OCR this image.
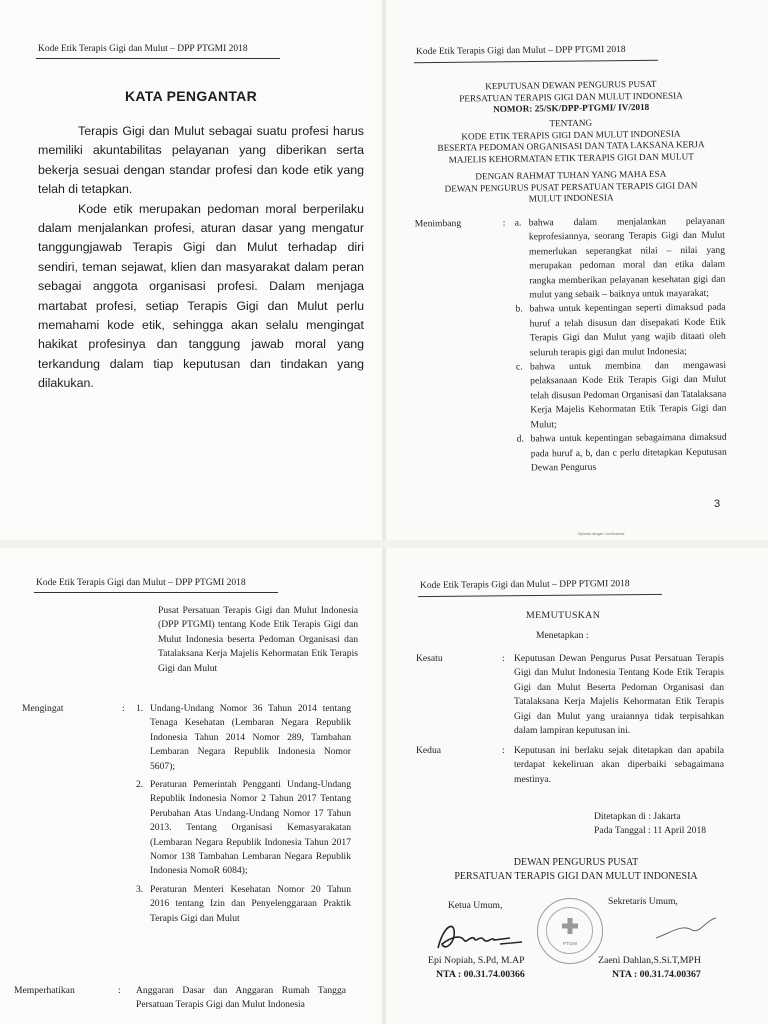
Kode Etik Terapis Gigi dan Mulut – DPP PTGMI 2018
KATA PENGANTAR

Terapis Gigi dan Mulut sebagai suatu profesi harus memiliki akuntabilitas pelayanan yang diberikan serta bekerja sesuai dengan standar profesi dan kode etik yang telah di tetapkan.

Kode etik merupakan pedoman moral berperilaku dalam menjalankan profesi, aturan dasar yang mengatur tanggungjawab Terapis Gigi dan Mulut terhadap diri sendiri, teman sejawat, klien dan masyarakat dalam peran sebagai anggota organisasi profesi. Dalam menjaga martabat profesi, setiap Terapis Gigi dan Mulut perlu memahami kode etik, sehingga akan selalu mengingat hakikat profesinya dan tanggung jawab moral yang terkandung dalam tiap keputusan dan tindakan yang dilakukan.

Kode Etik Terapis Gigi dan Mulut – DPP PTGMI 2018
KEPUTUSAN DEWAN PENGURUS PUSAT
PERSATUAN TERAPIS GIGI DAN MULUT INDONESIA
NOMOR: 25/SK/DPP-PTGMI/ IV/2018
TENTANG
KODE ETIK TERAPIS GIGI DAN MULUT INDONESIA
BESERTA PEDOMAN ORGANISASI DAN TATA LAKSANA KERJA
MAJELIS KEHORMATAN ETIK TERAPIS GIGI DAN MULUT
DENGAN RAHMAT TUHAN YANG MAHA ESA
DEWAN PENGURUS PUSAT PERSATUAN TERAPIS GIGI DAN
MULUT INDONESIA
Menimbang	: a. bahwa dalam menjalankan pelayanan keprofesiannya, seorang Terapis Gigi dan Mulut memerlukan seperangkat nilai – nilai yang merupakan pedoman moral dan etika dalam rangka memberikan pelayanan kesehatan gigi dan mulut yang sebaik – baiknya untuk mayarakat;
b. bahwa untuk kepentingan seperti dimaksud pada huruf a telah disusun dan disepakati Kode Etik Terapis Gigi dan Mulut yang wajib ditaati oleh seluruh terapis gigi dan mulut Indonesia;
c. bahwa untuk membina dan mengawasi pelaksanaan Kode Etik Terapis Gigi dan Mulut telah disusun Pedoman Organisasi dan Tatalaksana Kerja Majelis Kehormatan Etik Terapis Gigi dan Mulut;
d. bahwa untuk kepentingan sebagaimana dimaksud pada huruf a, b, dan c perlu ditetapkan Keputusan Dewan Pengurus
3
Dipindai dengan CamScanner
Kode Etik Terapis Gigi dan Mulut – DPP PTGMI 2018
Pusat Persatuan Terapis Gigi dan Mulut Indonesia (DPP PTGMI) tentang Kode Etik Terapis Gigi dan Mulut Indonesia beserta Pedoman Organisasi dan Tatalaksana Kerja Majelis Kehormatan Etik Terapis Gigi dan Mulut
Mengingat	: 1. Undang-Undang Nomor 36 Tahun 2014 tentang Tenaga Kesehatan (Lembaran Negara Republik Indonesia Tahun 2014 Nomor 289, Tambahan Lembaran Negara Republik Indonesia Nomor 5607);
2. Peraturan Pemerintah Pengganti Undang-Undang Republik Indonesia Nomor 2 Tahun 2017 Tentang Perubahan Atas Undang-Undang Nomor 17 Tahun 2013. Tentang Organisasi Kemasyarakatan (Lembaran Negara Republik Indonesia Tahun 2017 Nomor 138 Tambahan Lembaran Negara Republik Indonesia NomoR 6084);
3. Peraturan Menteri Kesehatan Nomor 20 Tahun 2016 tentang Izin dan Penyelenggaraan Praktik Terapis Gigi dan Mulut
Memperhatikan	: Anggaran Dasar dan Anggaran Rumah Tangga Persatuan Terapis Gigi dan Mulut Indonesia
Kode Etik Terapis Gigi dan Mulut – DPP PTGMI 2018
MEMUTUSKAN
Menetapkan :
Kesatu	: Keputusan Dewan Pengurus Pusat Persatuan Terapis Gigi dan Mulut Indonesia Tentang Kode Etik Terapis Gigi dan Mulut Beserta Pedoman Organisasi dan Tatalaksana Kerja Majelis Kehormatan Etik Terapis Gigi dan Mulut yang uraiannya tidak terpisahkan dalam lampiran keputusan ini.
Kedua	: Keputusan ini berlaku sejak ditetapkan dan apabila terdapat kekeliruan akan diperbaiki sebagaimana mestinya.
Ditetapkan di : Jakarta
Pada Tanggal : 11 April 2018
DEWAN PENGURUS PUSAT
PERSATUAN TERAPIS GIGI DAN MULUT INDONESIA
Ketua Umum,	Sekretaris Umum,
Epi Nopiah, S.Pd, M.AP
NTA : 00.31.74.00366
Zaeni Dahlan,S.Si.T,MPH
NTA : 00.31.74.00367
PTGMI
